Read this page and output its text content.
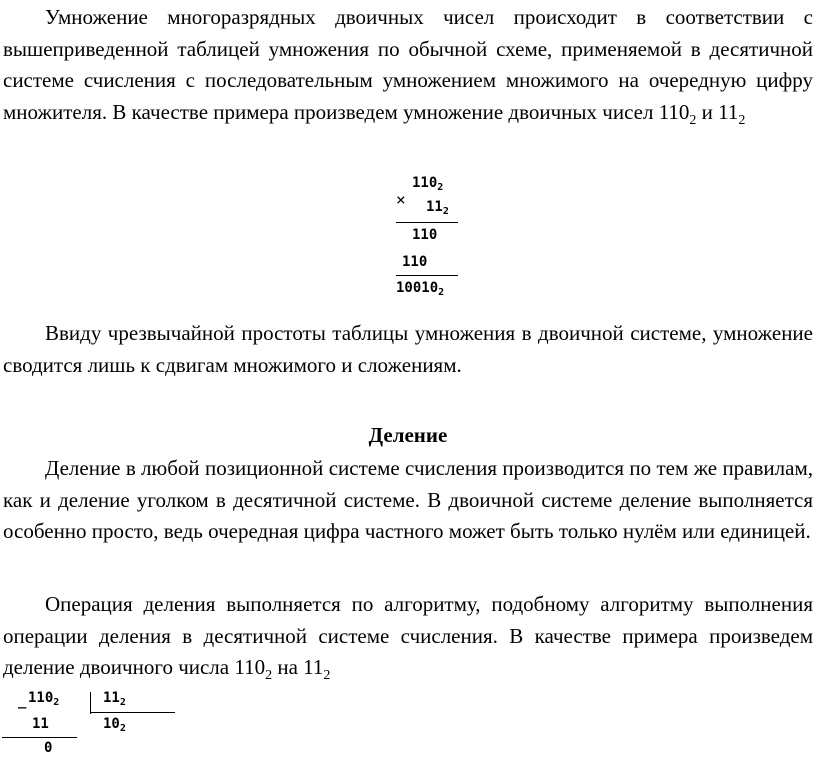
Умножение многоразрядных двоичных чисел происходит в соответствии с вышеприведенной таблицей умножения по обычной схеме, применяемой в десятичной системе счисления с последовательным умножением множимого на очередную цифру множителя. В качестве примера произведем умножение двоичных чисел $110_2$ и $11_2$

×
$110_2$
$11_2$
110
110
$10010_2$

Ввиду чрезвычайной простоты таблицы умножения в двоичной системе, умножение сводится лишь к сдвигам множимого и сложениям.

Деление

Деление в любой позиционной системе счисления производится по тем же правилам, как и деление уголком в десятичной системе. В двоичной системе деление выполняется особенно просто, ведь очередная цифра частного может быть только нулём или единицей.

Операция деления выполняется по алгоритму, подобному алгоритму выполнения операции деления в десятичной системе счисления. В качестве примера произведем деление двоичного числа $110_2$ на $11_2$

_ $110_2$	$11_2$
11	$10_2$
0
